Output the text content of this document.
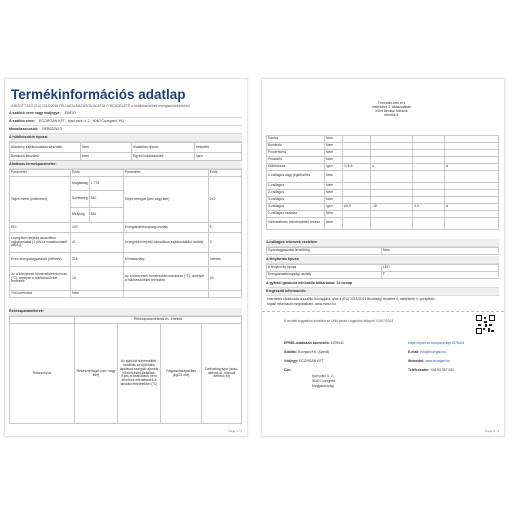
Termékinformációs adatlap
A BIZOTTSÁG (EU) 2019/2016 FELHATALMAZÁSON ALAPULÓ RENDELETE a hűtőkészülékek energiacímkézéséről
A szállító neve vagy védjegye: EWDO
A szállító címe: ECORGAN KFT., Ipari park u. 2., 9040 Cozsgréd, HU
Modellazonosító: RFB332W.3
A hűtőkészülék típusa:
Alacsony zajkibocsátású készülék:	Nem	Kialakítás típusa:	beépített
Bortároló készülék:	Nem	Egyéb hűtőkészülék:	Igen
Általános termékparaméter:
Paraméter	Érték		Paraméter	Érték
Teljes méret (milliméter)	Magasság	1 770	Teljes térfogat (dm³ vagy liter)	242
	Szélesség	540		
	Mélység	545		
EEI	100		Energiahatékonysági osztály	E
Levegőben terjedő akusztikus zajkibocsátás [1 pW-ra vonatkoztatott dB(A)]	41		Levegőben terjedő akusztikus zajkibocsátási osztály	C
Éves energiafogyasztás (kWh/év)	216		Klímaosztály:	Intéves
Az a környezeti hőmérsékletminimum (°C), amelyre a hűtőkészüléket tervezték	16		Az a környezeti hőmérséklet-maximum (°C), amelyre a hűtőkészüléket tervezték	43
Téli üzemmód	Nem			
Rekeszparaméterek:
	Rekeszparaméterek és -értékek			
Rekesztípus	Rekesztérfogat (dm³ vagy liter)	Az ajánlott hőmérséklet-beállítás az optimális tárolásra szolgáló ajánlott hőmérséklet-beállítás. Ezek a beállítások nem lehetnek ellentétesek a tárolási feltételekkel (°C)	Fagyasztókapacitás (kg/24 óra)	Defrosting type (auto-defrost=A, manual defrost=M)
Page 1 / 3
			Tmondás-ban a hi mellékelet 3. táblázatában előírt tárolási hőfokok
tehetők-e		
Kamra	Nem				
Bortároló	Nem				
Pincerekesz	Nem				
Frisstartó	Nem				
Hűtőrekesz	Igen	175,5	4	-	A
0-csillagos vagy jégkészítés	Nem				
1-csillagos	Nem				
2-csillagos	Nem				
3-csillagos	Nem				
4-csillagos	Igen	63,0	-18	3,3	A
2-csillagos szakasz	Nem				
Változtatható hőmérsékletű rekesz	Nem				
4-csillagos rekeszek esetében
Gyorsfagyasztási lehetőség	Nem
A fényforrás típusa
A fényforrás típusa	LED
Energiahatékonysági osztály	F
A gyártói garancia minimális időtartama: 24 hónap
Kiegészítő információk:
Internetes hivatkozás a szállító honlapjára, ahol a (EU) 2019/2019 Bizottsági rendelet II. melléklete 4. pontjában
foglalt információ megtalálható: www.ewdo.hu
A modell fogyatéka továbbá az Unió javán Lagjedési állapotí: 01/07/2024
EPREL-adatbázis azonosító: 1578441
Szállító: Ecorgan Kft. (Sperlii)
Védjegy: ECORGAN KFT.
Cím:
Ipari park u. 2.
9040 Cozsgréd
Magyarország
https://eprel.ec.europa.eu/qr/1578441
E-mail: info@ecorgan.hu
Weboldal: www.ecorgan.hu
Telefonszám: +36 93 357 000
Page 2 / 3
